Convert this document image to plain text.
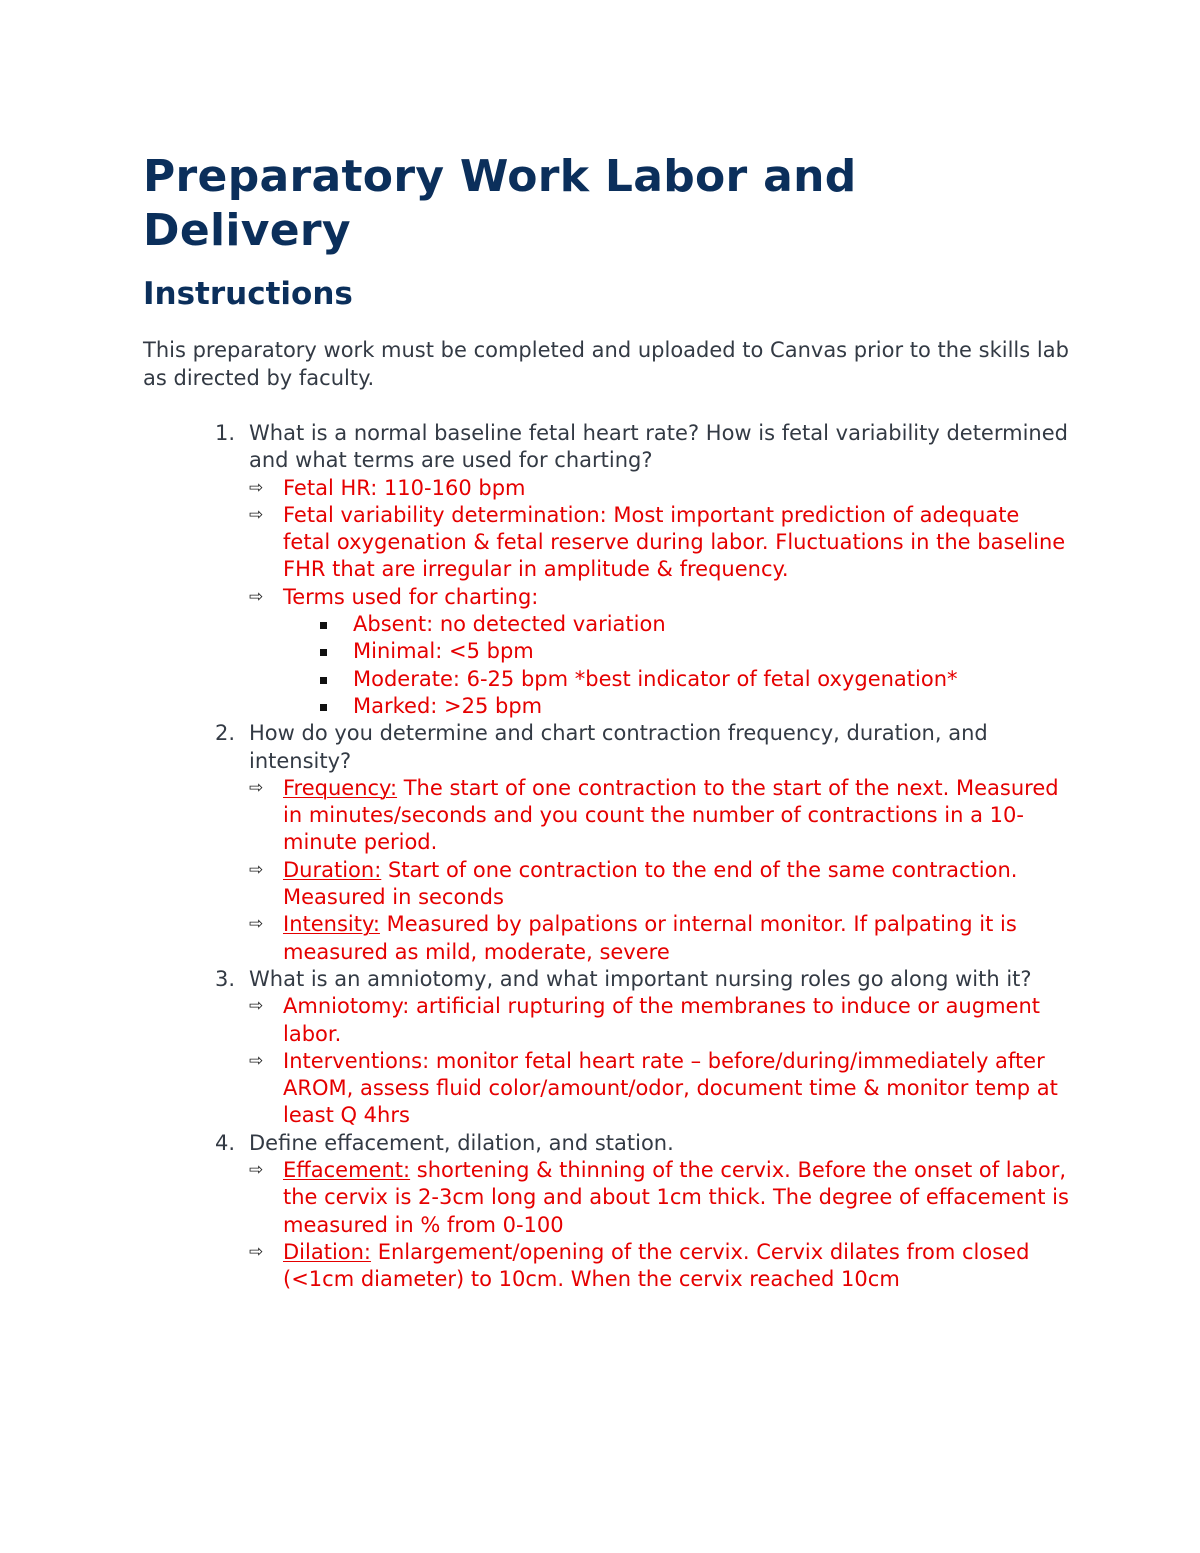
Preparatory Work Labor and Delivery
Instructions

This preparatory work must be completed and uploaded to Canvas prior to the skills lab as directed by faculty.

1. What is a normal baseline fetal heart rate? How is fetal variability determined and what terms are used for charting?
⇨ Fetal HR: 110-160 bpm
⇨ Fetal variability determination: Most important prediction of adequate fetal oxygenation & fetal reserve during labor. Fluctuations in the baseline FHR that are irregular in amplitude & frequency.
⇨ Terms used for charting:
Absent: no detected variation
Minimal: <5 bpm
Moderate: 6-25 bpm *best indicator of fetal oxygenation*
Marked: >25 bpm
2. How do you determine and chart contraction frequency, duration, and intensity?
⇨ Frequency: The start of one contraction to the start of the next. Measured in minutes/seconds and you count the number of contractions in a 10-minute period.
⇨ Duration: Start of one contraction to the end of the same contraction. Measured in seconds
⇨ Intensity: Measured by palpations or internal monitor. If palpating it is measured as mild, moderate, severe
3. What is an amniotomy, and what important nursing roles go along with it?
⇨ Amniotomy: artificial rupturing of the membranes to induce or augment labor.
⇨ Interventions: monitor fetal heart rate – before/during/immediately after AROM, assess fluid color/amount/odor, document time & monitor temp at least Q 4hrs
4. Define effacement, dilation, and station.
⇨ Effacement: shortening & thinning of the cervix. Before the onset of labor, the cervix is 2-3cm long and about 1cm thick. The degree of effacement is measured in % from 0-100
⇨ Dilation: Enlargement/opening of the cervix. Cervix dilates from closed (<1cm diameter) to 10cm. When the cervix reached 10cm
